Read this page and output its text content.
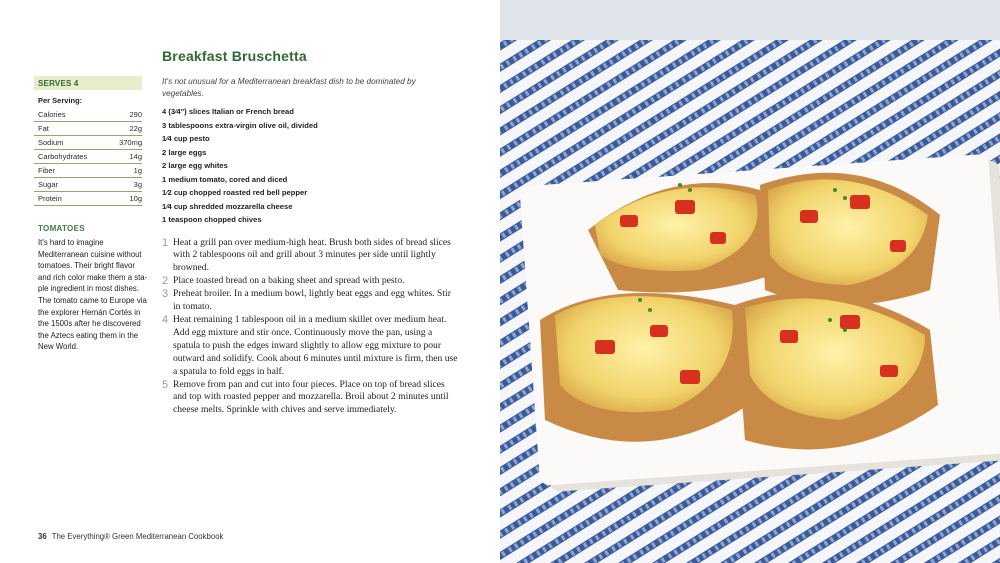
SERVES 4
Per Serving:
Calories	290
Fat	22g
Sodium	370mg
Carbohydrates	14g
Fiber	1g
Sugar	3g
Protein	10g
TOMATOES
It's hard to imagine Mediterranean cuisine without tomatoes. Their bright flavor and rich color make them a sta-ple ingredient in most dishes. The tomato came to Europe via the explorer Hernán Cortés in the 1500s after he discovered the Aztecs eating them in the New World.
Breakfast Bruschetta
It's not unusual for a Mediterranean breakfast dish to be dominated by vegetables.
4 (3⁄4") slices Italian or French bread
3 tablespoons extra-virgin olive oil, divided
1⁄4 cup pesto
2 large eggs
2 large egg whites
1 medium tomato, cored and diced
1⁄2 cup chopped roasted red bell pepper
1⁄4 cup shredded mozzarella cheese
1 teaspoon chopped chives
1 Heat a grill pan over medium-high heat. Brush both sides of bread slices with 2 tablespoons oil and grill about 3 minutes per side until lightly browned.
2 Place toasted bread on a baking sheet and spread with pesto.
3 Preheat broiler. In a medium bowl, lightly beat eggs and egg whites. Stir in tomato.
4 Heat remaining 1 tablespoon oil in a medium skillet over medium heat. Add egg mixture and stir once. Continuously move the pan, using a spatula to push the edges inward slightly to allow egg mixture to pour outward and solidify. Cook about 6 minutes until mixture is firm, then use a spatula to fold eggs in half.
5 Remove from pan and cut into four pieces. Place on top of bread slices and top with roasted pepper and mozzarella. Broil about 2 minutes until cheese melts. Sprinkle with chives and serve immediately.
36 The Everything® Green Mediterranean Cookbook
